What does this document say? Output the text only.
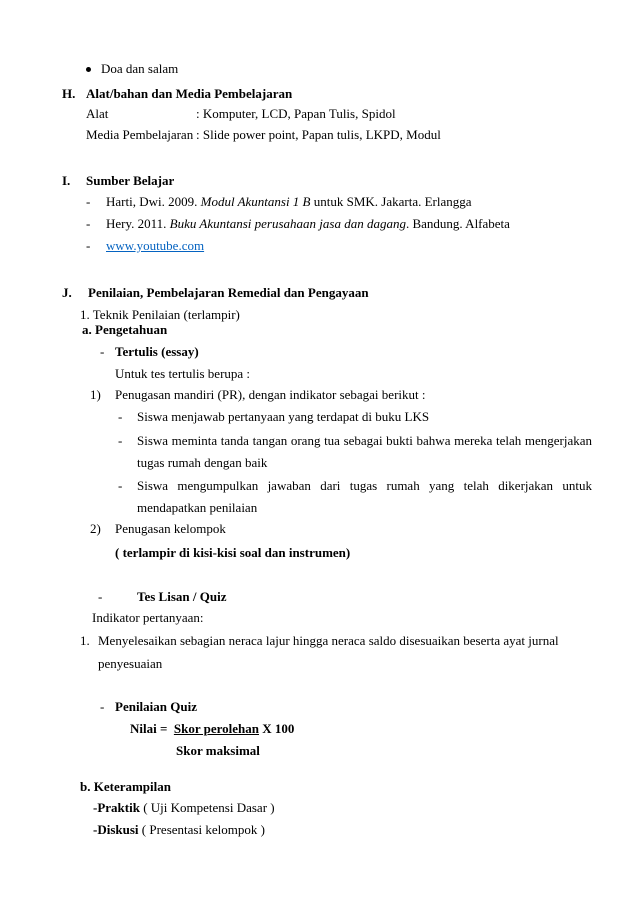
Doa dan salam
H. Alat/bahan dan Media Pembelajaran
Alat	: Komputer, LCD, Papan Tulis, Spidol
Media Pembelajaran : Slide power point, Papan tulis, LKPD, Modul
I. Sumber Belajar
- Harti, Dwi. 2009. Modul Akuntansi 1 B untuk SMK. Jakarta. Erlangga
- Hery. 2011. Buku Akuntansi perusahaan jasa dan dagang. Bandung. Alfabeta
- www.youtube.com
J. Penilaian, Pembelajaran Remedial dan Pengayaan
1. Teknik Penilaian (terlampir)
a. Pengetahuan
- Tertulis (essay)
Untuk tes tertulis berupa :
1) Penugasan mandiri (PR), dengan indikator sebagai berikut :
- Siswa menjawab pertanyaan yang terdapat di buku LKS
- Siswa meminta tanda tangan orang tua sebagai bukti bahwa mereka telah mengerjakan
tugas rumah dengan baik
- Siswa mengumpulkan jawaban dari tugas rumah yang telah dikerjakan untuk
mendapatkan penilaian
2) Penugasan kelompok
( terlampir di kisi-kisi soal dan instrumen)
-	Tes Lisan / Quiz
Indikator pertanyaan:
1. Menyelesaikan sebagian neraca lajur hingga neraca saldo disesuaikan beserta ayat jurnal
penyesuaian
- Penilaian Quiz
Nilai = Skor perolehan X 100
Skor maksimal
b. Keterampilan
-Praktik ( Uji Kompetensi Dasar )
-Diskusi ( Presentasi kelompok )
